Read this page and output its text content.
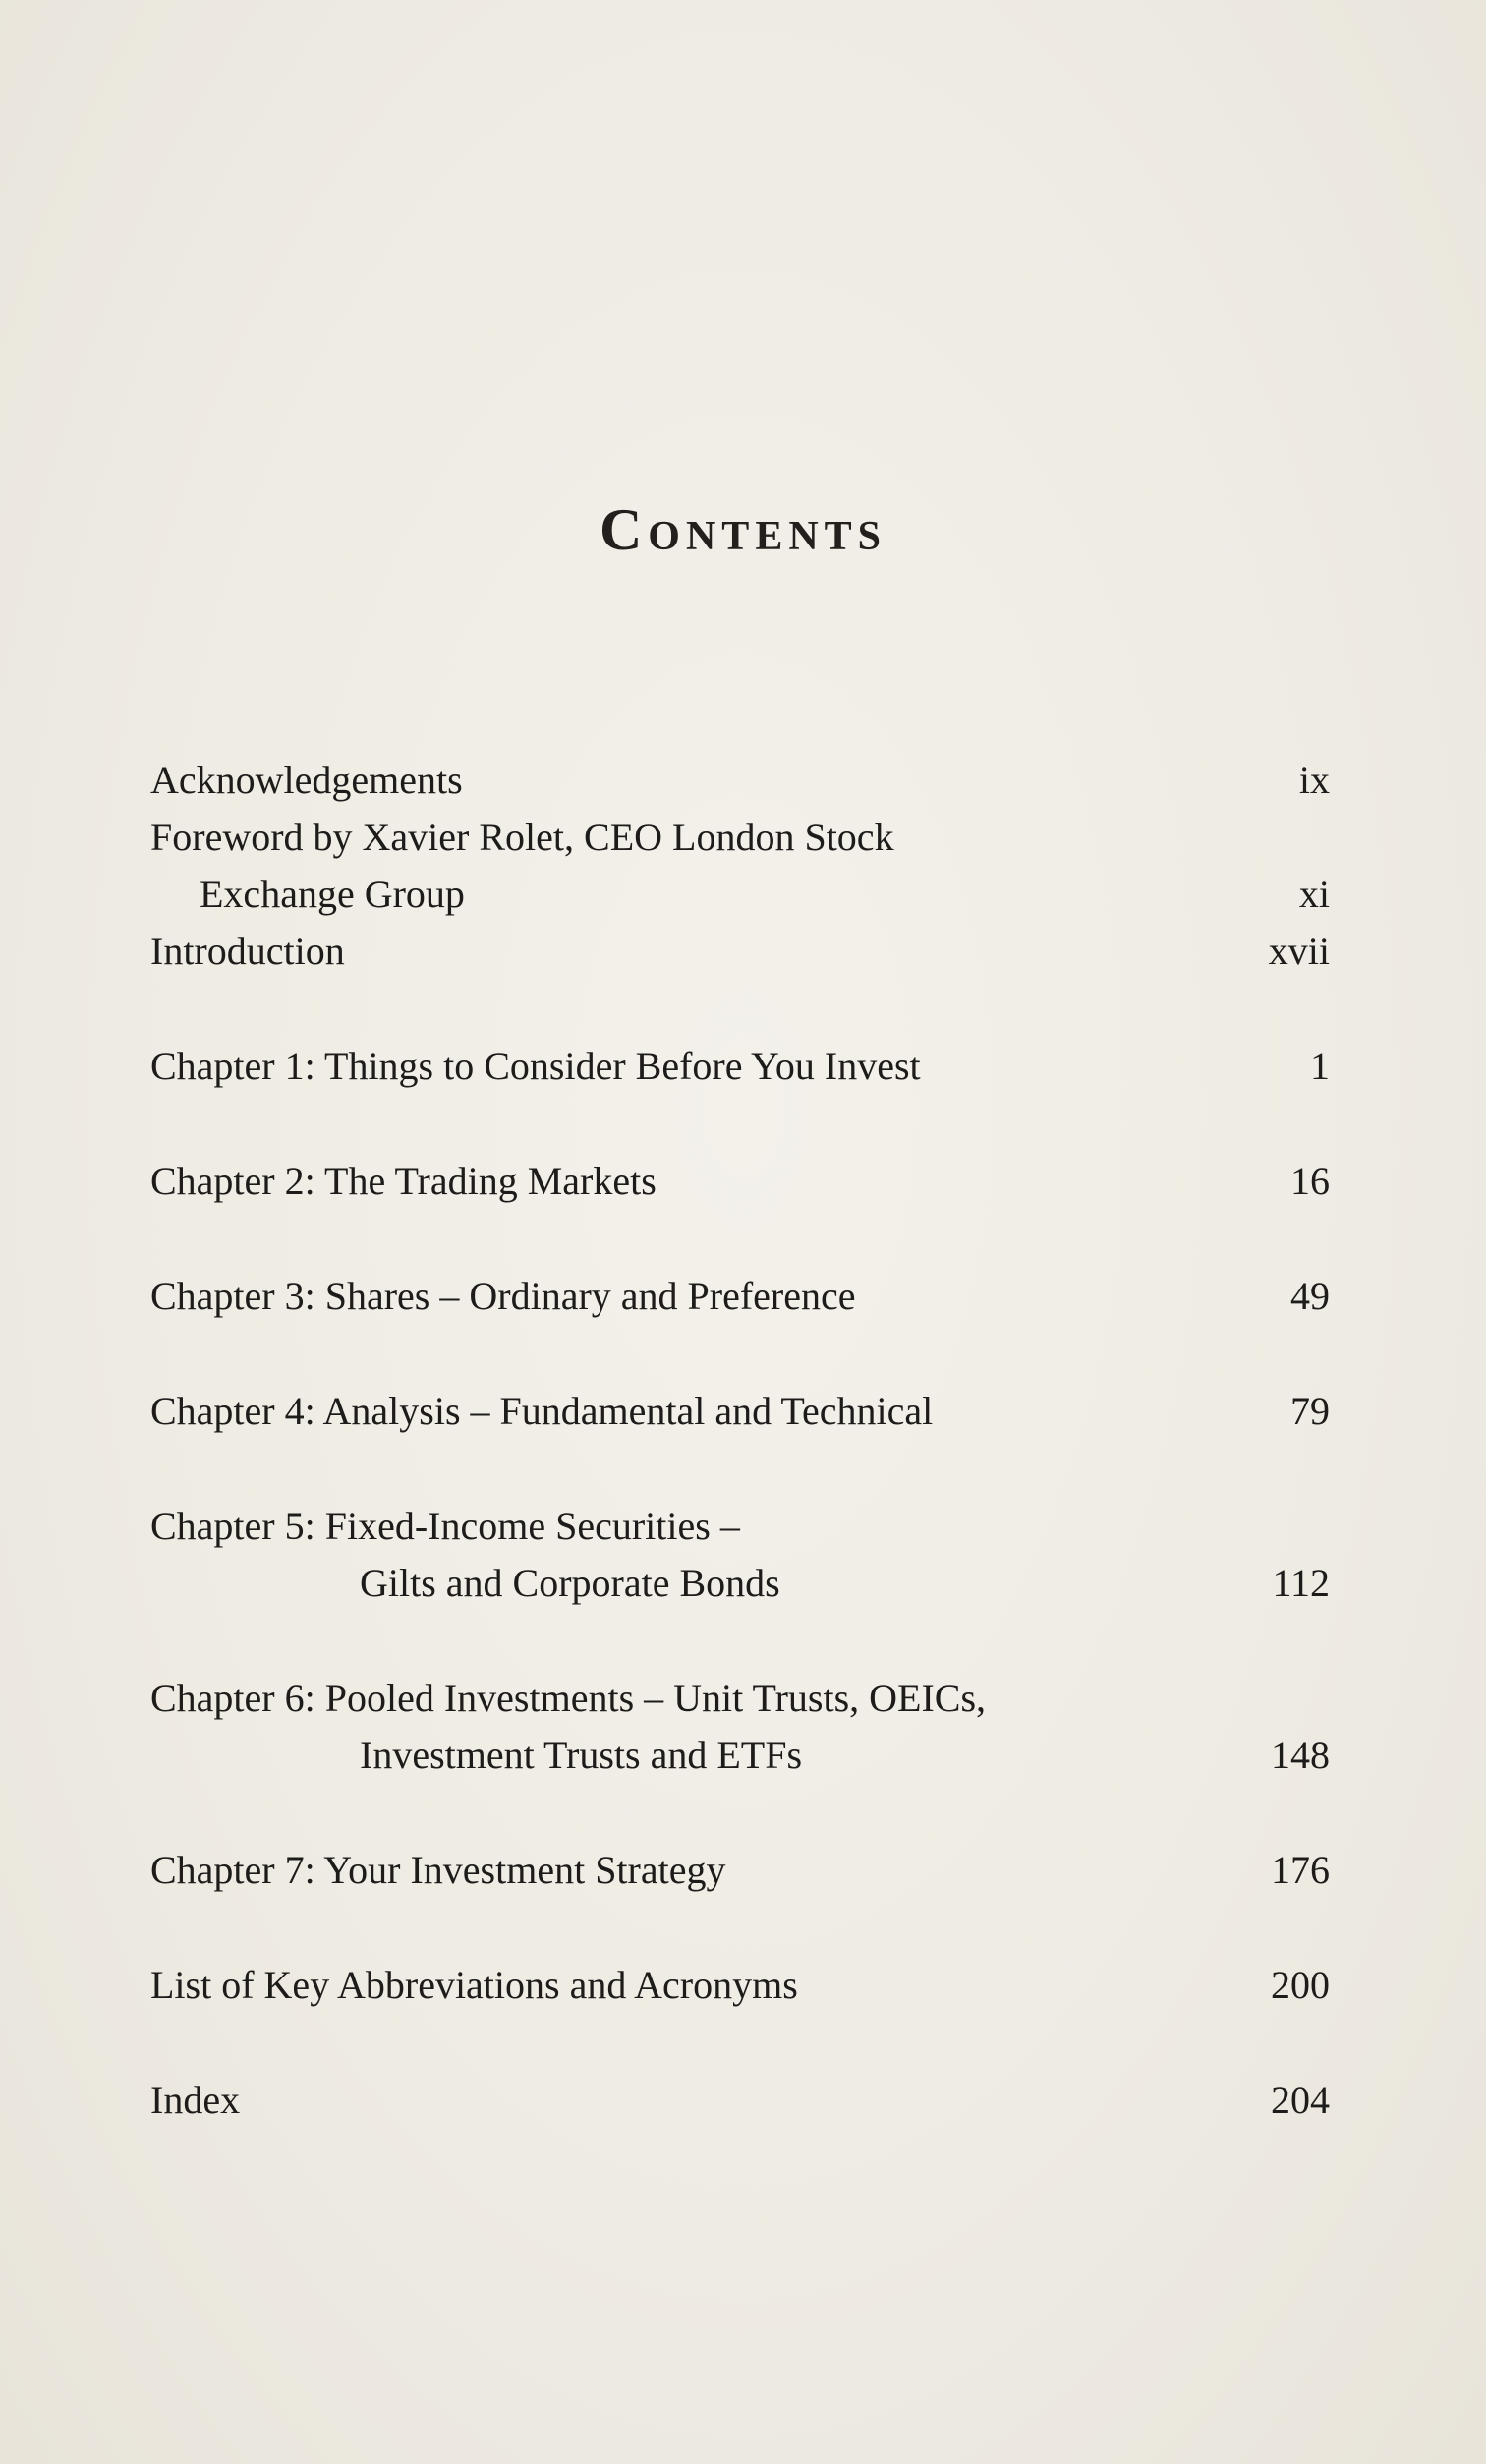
Contents
Acknowledgements	ix
Foreword by Xavier Rolet, CEO London Stock
Exchange Group	xi
Introduction	xvii
Chapter 1: Things to Consider Before You Invest	1
Chapter 2: The Trading Markets	16
Chapter 3: Shares – Ordinary and Preference	49
Chapter 4: Analysis – Fundamental and Technical	79
Chapter 5: Fixed-Income Securities –
Gilts and Corporate Bonds	112
Chapter 6: Pooled Investments – Unit Trusts, OEICs,
Investment Trusts and ETFs	148
Chapter 7: Your Investment Strategy	176
List of Key Abbreviations and Acronyms	200
Index	204
